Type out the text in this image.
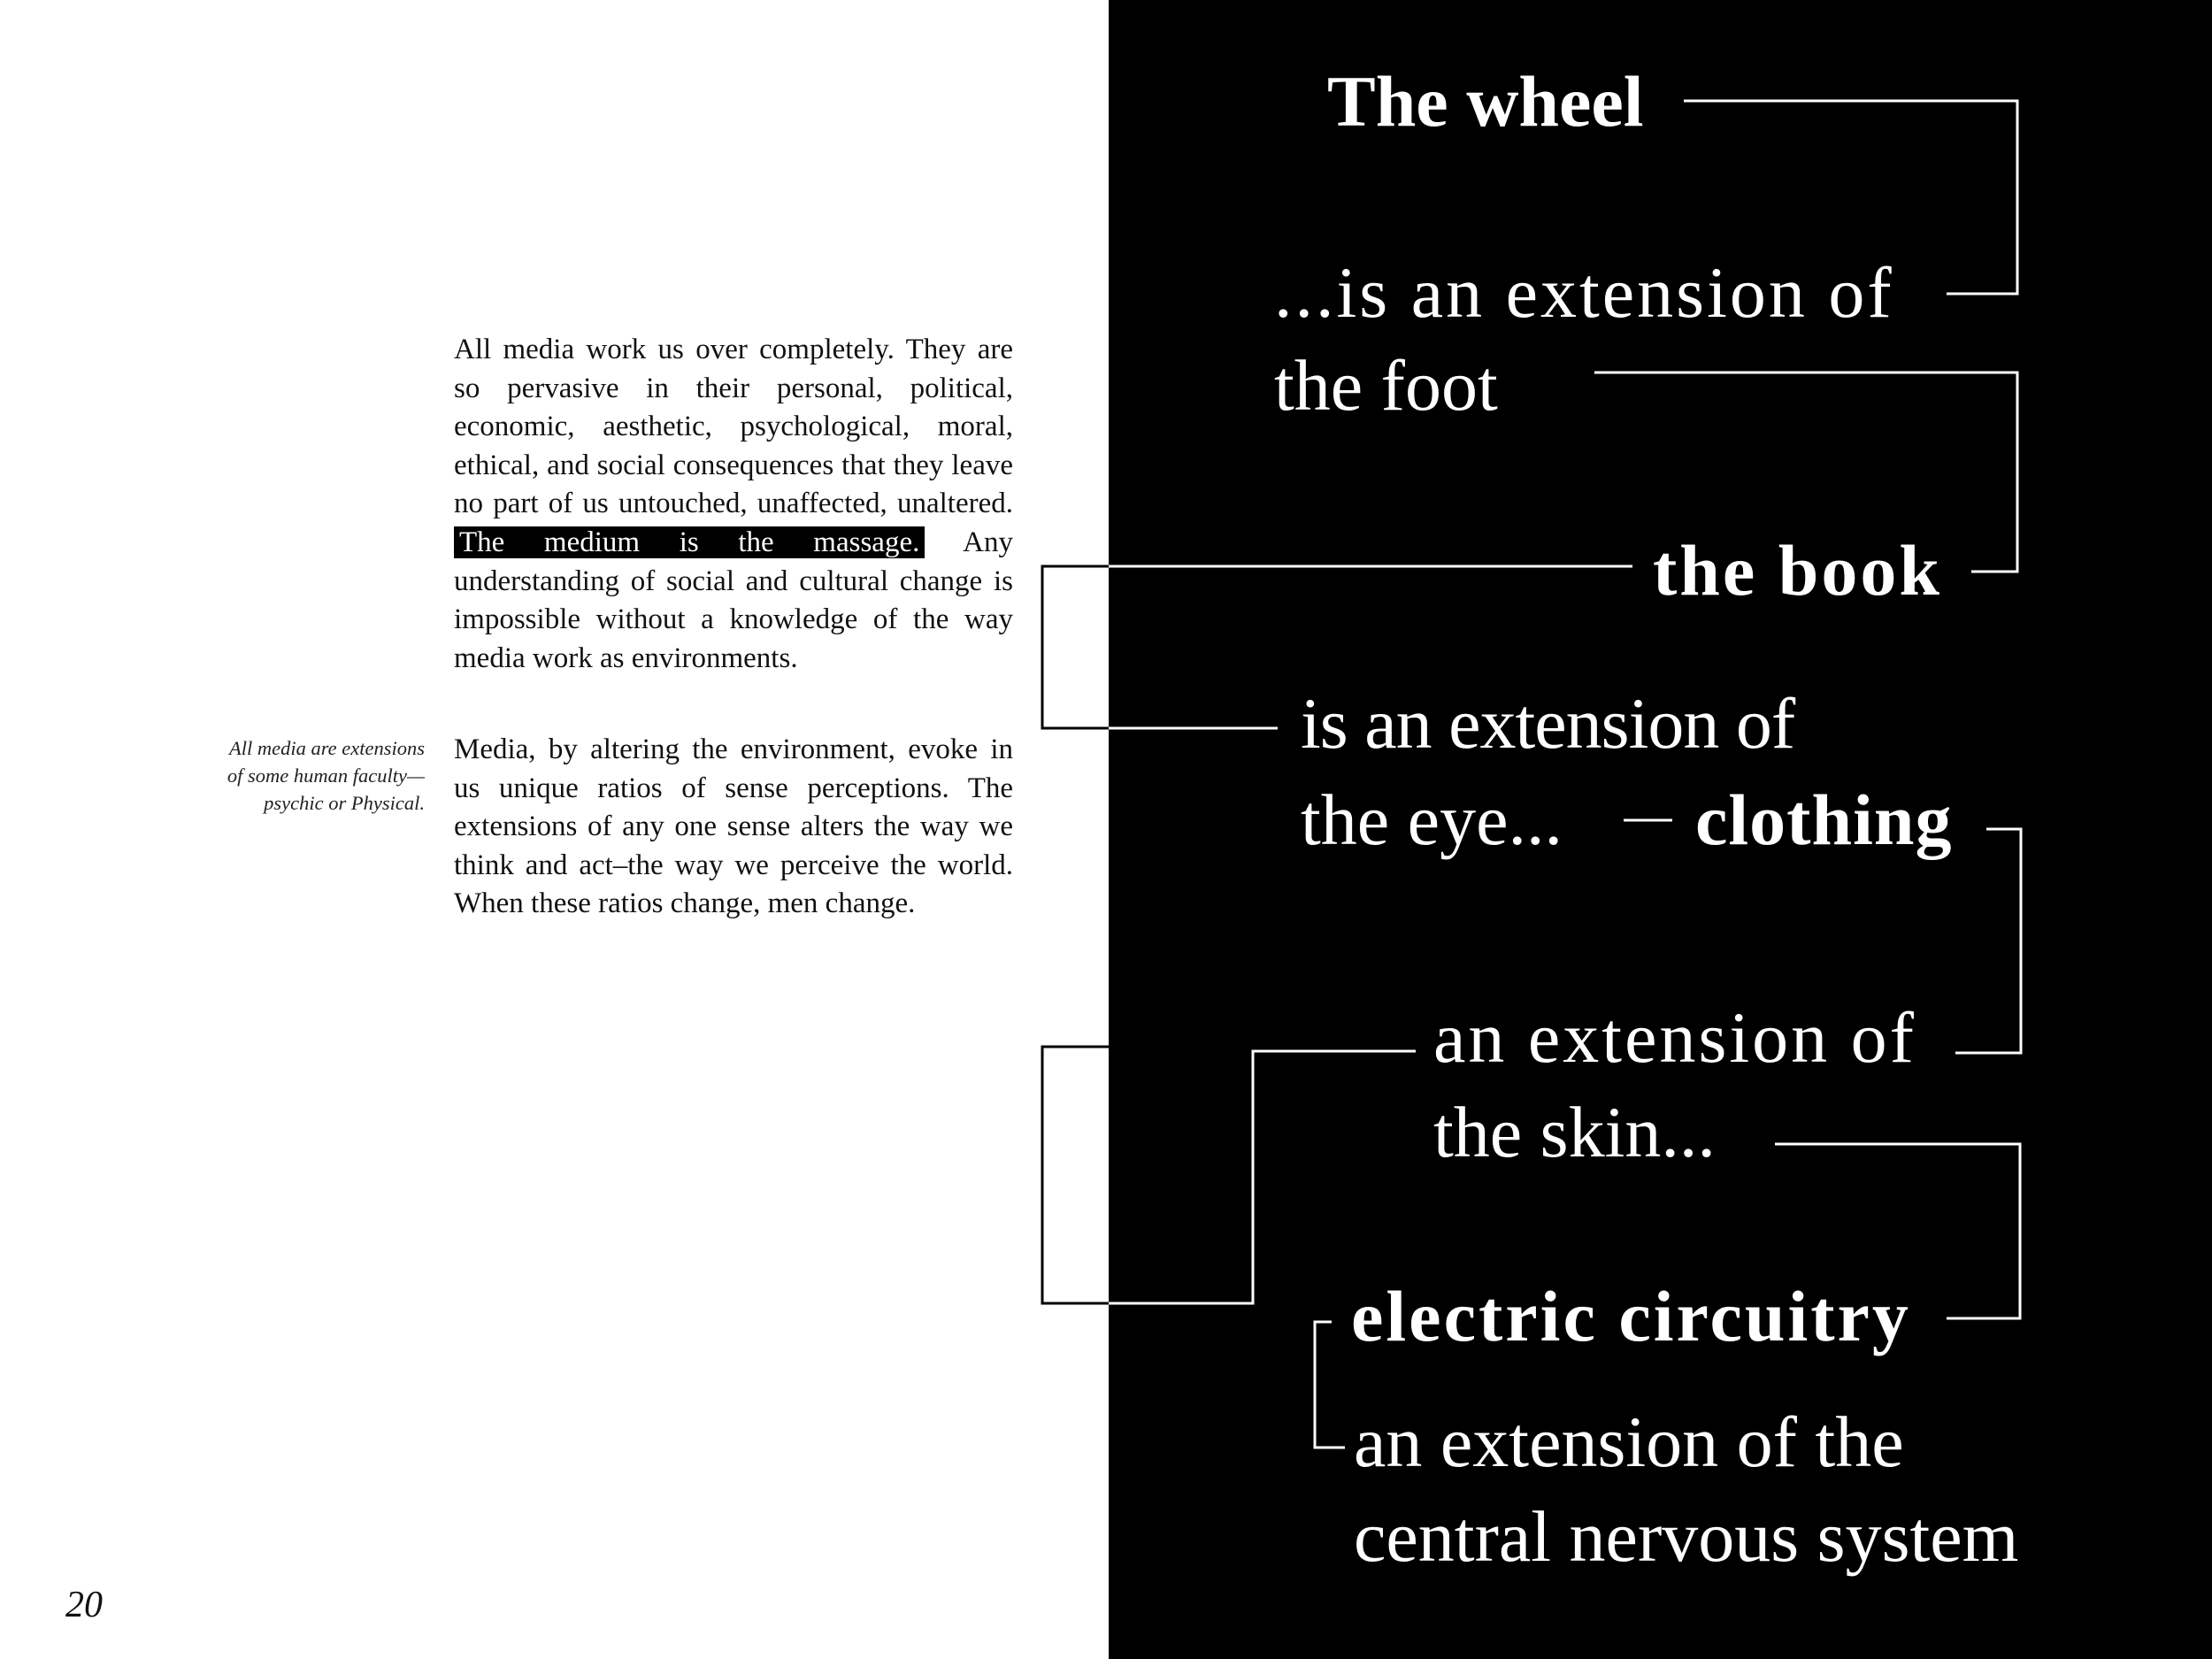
All media work us over completely. They are so pervasive in their personal, political, economic, aesthetic, psychological, moral, ethical, and social consequences that they leave no part of us untouched, unaffected, unaltered. The medium is the massage. Any understanding of social and cultural change is impossible without a knowledge of the way media work as environments.

Media, by altering the environment, evoke in us unique ratios of sense perceptions. The extensions of any one sense alters the way we think and act–the way we perceive the world. When these ratios change, men change.

All media are extensions
of some human faculty—
psychic or Physical.
20
The wheel
...is an extension of
the foot
the book
is an extension of
the eye... clothing
an extension of
the skin...
electric circuitry
an extension of the
central nervous system
